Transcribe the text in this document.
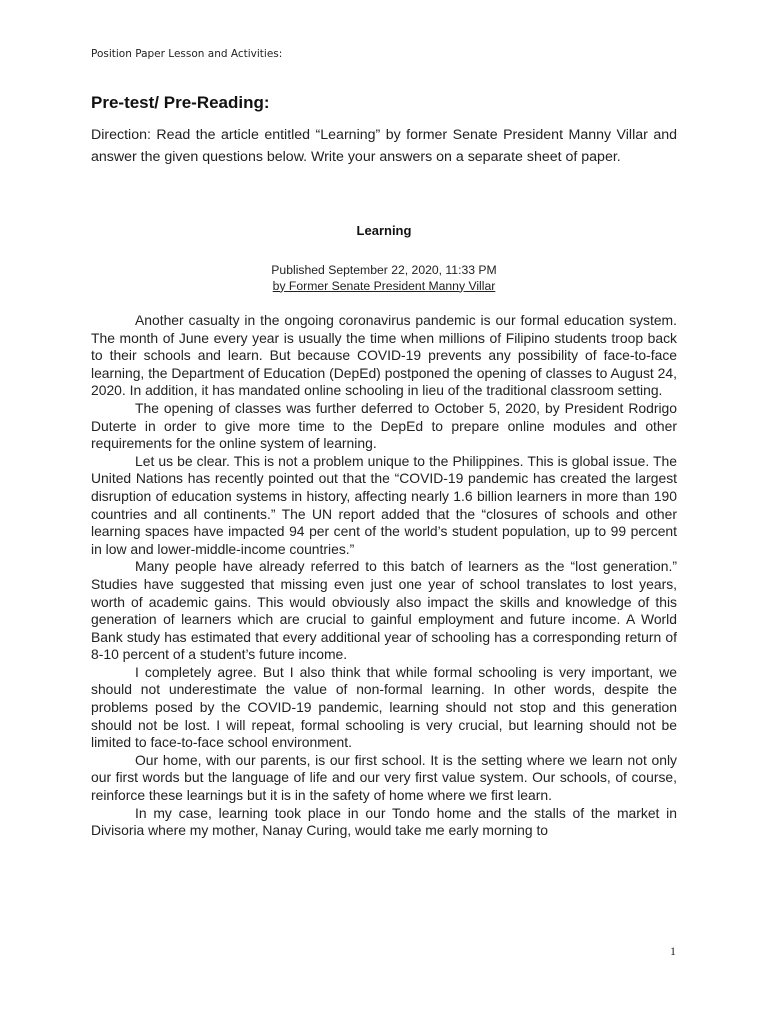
Position Paper Lesson and Activities:
Pre-test/ Pre-Reading:
Direction: Read the article entitled “Learning” by former Senate President Manny Villar and answer the given questions below. Write your answers on a separate sheet of paper.
Learning
Published September 22, 2020, 11:33 PM
by Former Senate President Manny Villar

Another casualty in the ongoing coronavirus pandemic is our formal education system. The month of June every year is usually the time when millions of Filipino students troop back to their schools and learn. But because COVID-19 prevents any possibility of face-to-face learning, the Department of Education (DepEd) postponed the opening of classes to August 24, 2020. In addition, it has mandated online schooling in lieu of the traditional classroom setting.

The opening of classes was further deferred to October 5, 2020, by President Rodrigo Duterte in order to give more time to the DepEd to prepare online modules and other requirements for the online system of learning.

Let us be clear. This is not a problem unique to the Philippines. This is global issue. The United Nations has recently pointed out that the “COVID-19 pandemic has created the largest disruption of education systems in history, affecting nearly 1.6 billion learners in more than 190 countries and all continents.” The UN report added that the “closures of schools and other learning spaces have impacted 94 per cent of the world’s student population, up to 99 percent in low and lower-middle-income countries.”

Many people have already referred to this batch of learners as the “lost generation.” Studies have suggested that missing even just one year of school translates to lost years, worth of academic gains. This would obviously also impact the skills and knowledge of this generation of learners which are crucial to gainful employment and future income. A World Bank study has estimated that every additional year of schooling has a corresponding return of 8-10 percent of a student’s future income.

I completely agree. But I also think that while formal schooling is very important, we should not underestimate the value of non-formal learning. In other words, despite the problems posed by the COVID-19 pandemic, learning should not stop and this generation should not be lost. I will repeat, formal schooling is very crucial, but learning should not be limited to face-to-face school environment.

Our home, with our parents, is our first school. It is the setting where we learn not only our first words but the language of life and our very first value system. Our schools, of course, reinforce these learnings but it is in the safety of home where we first learn.

In my case, learning took place in our Tondo home and the stalls of the market in Divisoria where my mother, Nanay Curing, would take me early morning to

1
